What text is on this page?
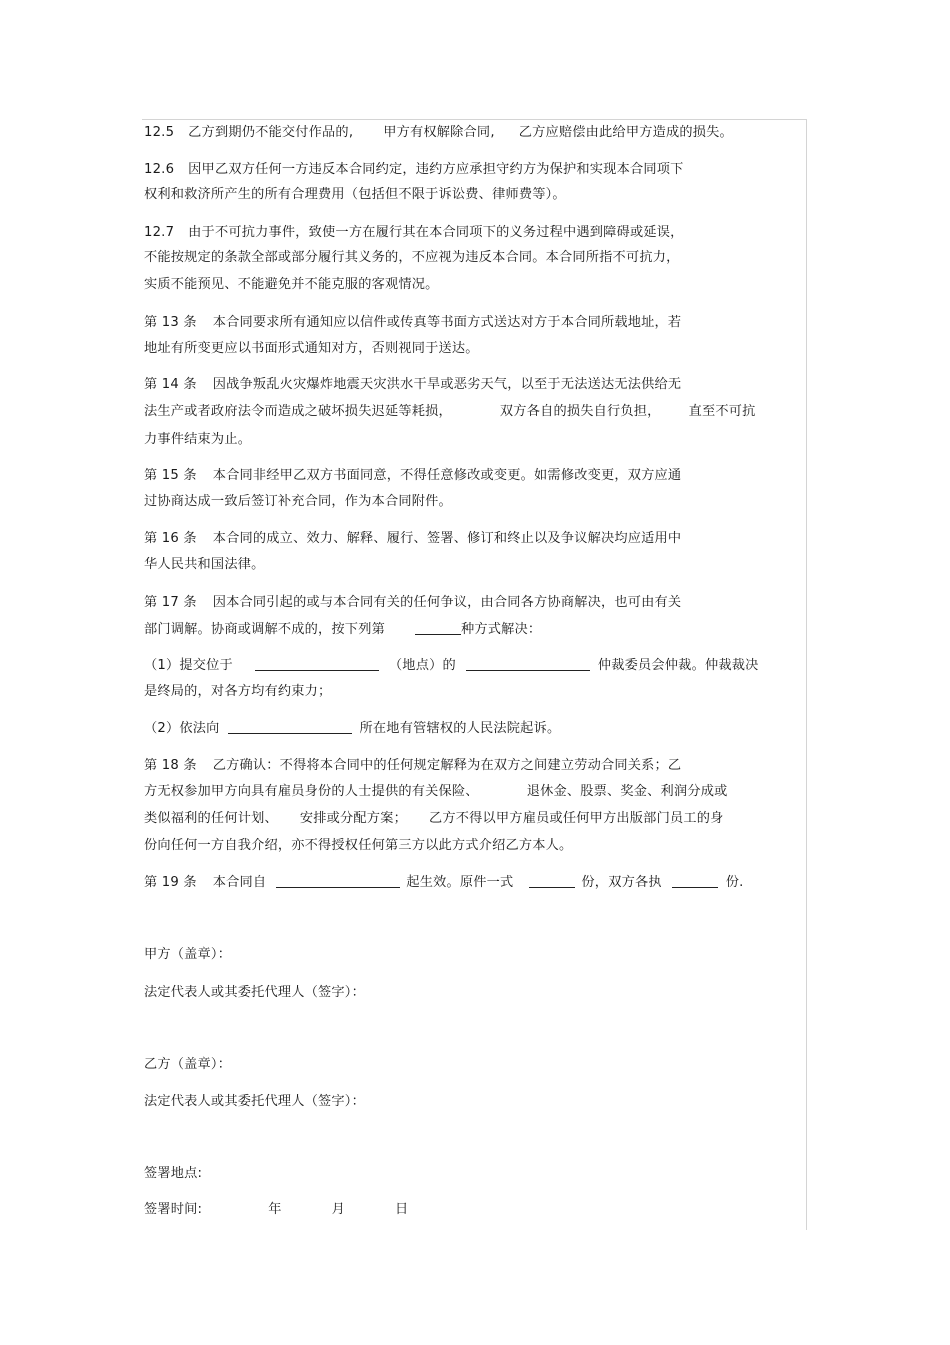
12.5 乙方到期仍不能交付作品的, 甲方有权解除合同, 乙方应赔偿由此给甲方造成的损失。
12.6 因甲乙双方任何一方违反本合同约定，违约方应承担守约方为保护和实现本合同项下
权利和救济所产生的所有合理费用（包括但不限于诉讼费、律师费等）。
12.7 由于不可抗力事件，致使一方在履行其在本合同项下的义务过程中遇到障碍或延误，
不能按规定的条款全部或部分履行其义务的，不应视为违反本合同。本合同所指不可抗力，
实质不能预见、不能避免并不能克服的客观情况。
第 13 条 本合同要求所有通知应以信件或传真等书面方式送达对方于本合同所载地址，若
地址有所变更应以书面形式通知对方，否则视同于送达。
第 14 条 因战争叛乱火灾爆炸地震天灾洪水干旱或恶劣天气，以至于无法送达无法供给无
法生产或者政府法令而造成之破坏损失迟延等耗损，	双方各自的损失自行负担， 直至不可抗
力事件结束为止。
第 15 条 本合同非经甲乙双方书面同意，不得任意修改或变更。如需修改变更，双方应通
过协商达成一致后签订补充合同，作为本合同附件。
第 16 条 本合同的成立、效力、解释、履行、签署、修订和终止以及争议解决均应适用中
华人民共和国法律。
第 17 条 因本合同引起的或与本合同有关的任何争议，由合同各方协商解决，也可由有关
部门调解。协商或调解不成的，按下列第	种方式解决：
（1）提交位于	（地点）的	仲裁委员会仲裁。仲裁裁决
是终局的，对各方均有约束力；
（2）依法向	所在地有管辖权的人民法院起诉。
第 18 条 乙方确认：不得将本合同中的任何规定解释为在双方之间建立劳动合同关系；乙
方无权参加甲方向具有雇员身份的人士提供的有关保险、	退休金、股票、奖金、利润分成或
类似福利的任何计划、 安排或分配方案； 乙方不得以甲方雇员或任何甲方出版部门员工的身
份向任何一方自我介绍，亦不得授权任何第三方以此方式介绍乙方本人。
第 19 条 本合同自	起生效。原件一式	份，双方各执	份.
甲方（盖章）：
法定代表人或其委托代理人（签字）：
乙方（盖章）：
法定代表人或其委托代理人（签字）：
签署地点:
签署时间:	年	月	日
